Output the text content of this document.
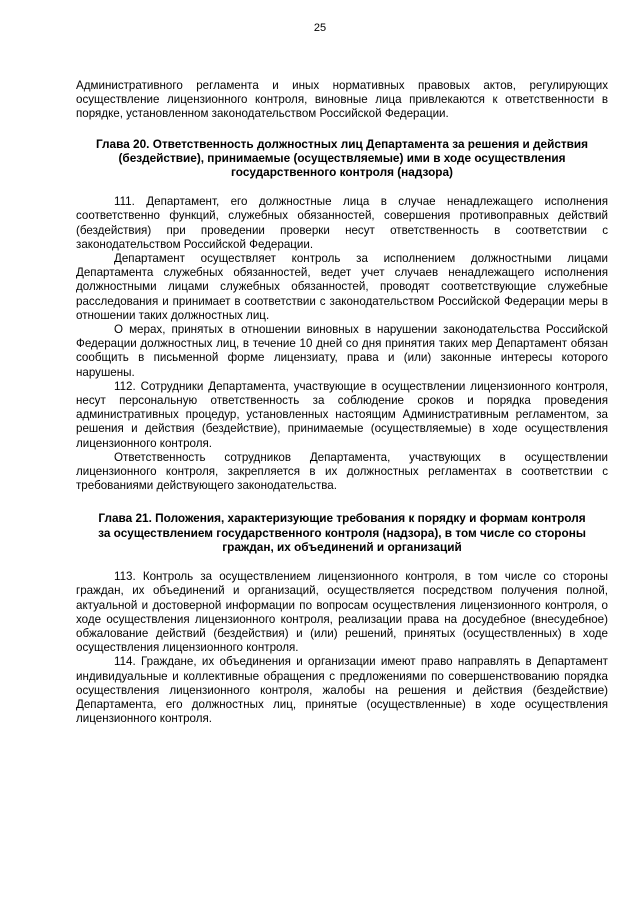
25

Административного регламента и иных нормативных правовых актов, регулирующих осуществление лицензионного контроля, виновные лица привлекаются к ответственности в порядке, установленном законодательством Российской Федерации.

Глава 20. Ответственность должностных лиц Департамента за решения и действия (бездействие), принимаемые (осуществляемые) ими в ходе осуществления государственного контроля (надзора)

111. Департамент, его должностные лица в случае ненадлежащего исполнения соответственно функций, служебных обязанностей, совершения противоправных действий (бездействия) при проведении проверки несут ответственность в соответствии с законодательством Российской Федерации.

Департамент осуществляет контроль за исполнением должностными лицами Департамента служебных обязанностей, ведет учет случаев ненадлежащего исполнения должностными лицами служебных обязанностей, проводят соответствующие служебные расследования и принимает в соответствии с законодательством Российской Федерации меры в отношении таких должностных лиц.

О мерах, принятых в отношении виновных в нарушении законодательства Российской Федерации должностных лиц, в течение 10 дней со дня принятия таких мер Департамент обязан сообщить в письменной форме лицензиату, права и (или) законные интересы которого нарушены.

112. Сотрудники Департамента, участвующие в осуществлении лицензионного контроля, несут персональную ответственность за соблюдение сроков и порядка проведения административных процедур, установленных настоящим Административным регламентом, за решения и действия (бездействие), принимаемые (осуществляемые) в ходе осуществления лицензионного контроля.

Ответственность сотрудников Департамента, участвующих в осуществлении лицензионного контроля, закрепляется в их должностных регламентах в соответствии с требованиями действующего законодательства.

Глава 21. Положения, характеризующие требования к порядку и формам контроля за осуществлением государственного контроля (надзора), в том числе со стороны граждан, их объединений и организаций

113. Контроль за осуществлением лицензионного контроля, в том числе со стороны граждан, их объединений и организаций, осуществляется посредством получения полной, актуальной и достоверной информации по вопросам осуществления лицензионного контроля, о ходе осуществления лицензионного контроля, реализации права на досудебное (внесудебное) обжалование действий (бездействия) и (или) решений, принятых (осуществленных) в ходе осуществления лицензионного контроля.

114. Граждане, их объединения и организации имеют право направлять в Департамент индивидуальные и коллективные обращения с предложениями по совершенствованию порядка осуществления лицензионного контроля, жалобы на решения и действия (бездействие) Департамента, его должностных лиц, принятые (осуществленные) в ходе осуществления лицензионного контроля.
